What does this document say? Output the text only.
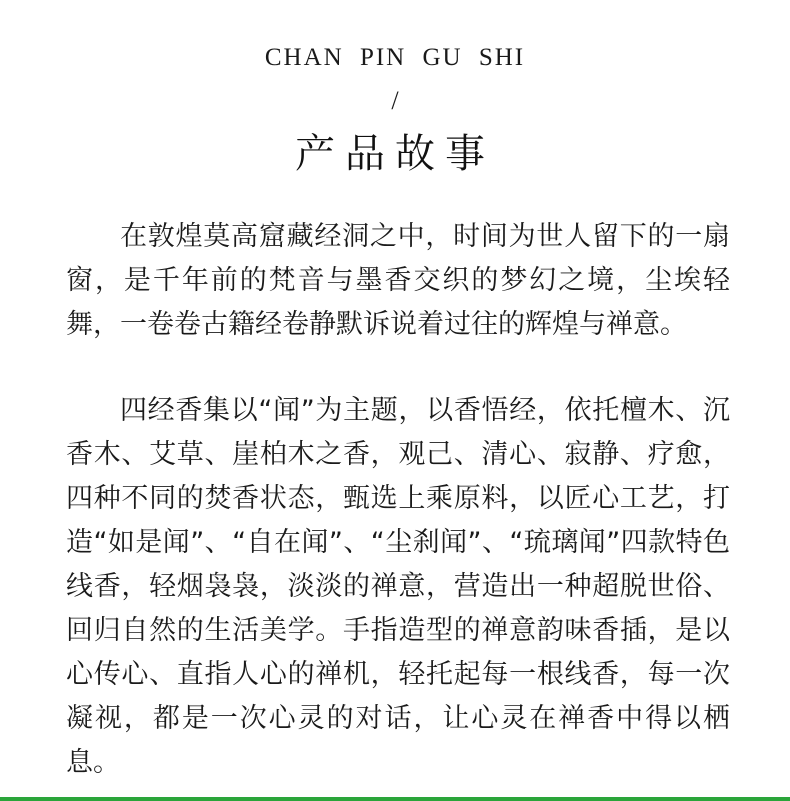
CHAN PIN GU SHI
/
产品故事

在敦煌莫高窟藏经洞之中，时间为世人留下的一扇窗，是千年前的梵音与墨香交织的梦幻之境，尘埃轻舞，一卷卷古籍经卷静默诉说着过往的辉煌与禅意。

四经香集以“闻”为主题，以香悟经，依托檀木、沉香木、艾草、崖柏木之香，观己、清心、寂静、疗愈，四种不同的焚香状态，甄选上乘原料，以匠心工艺，打造“如是闻”、“自在闻”、“尘刹闻”、“琉璃闻”四款特色线香，轻烟袅袅，淡淡的禅意，营造出一种超脱世俗、回归自然的生活美学。手指造型的禅意韵味香插，是以心传心、直指人心的禅机，轻托起每一根线香，每一次凝视，都是一次心灵的对话，让心灵在禅香中得以栖息。
